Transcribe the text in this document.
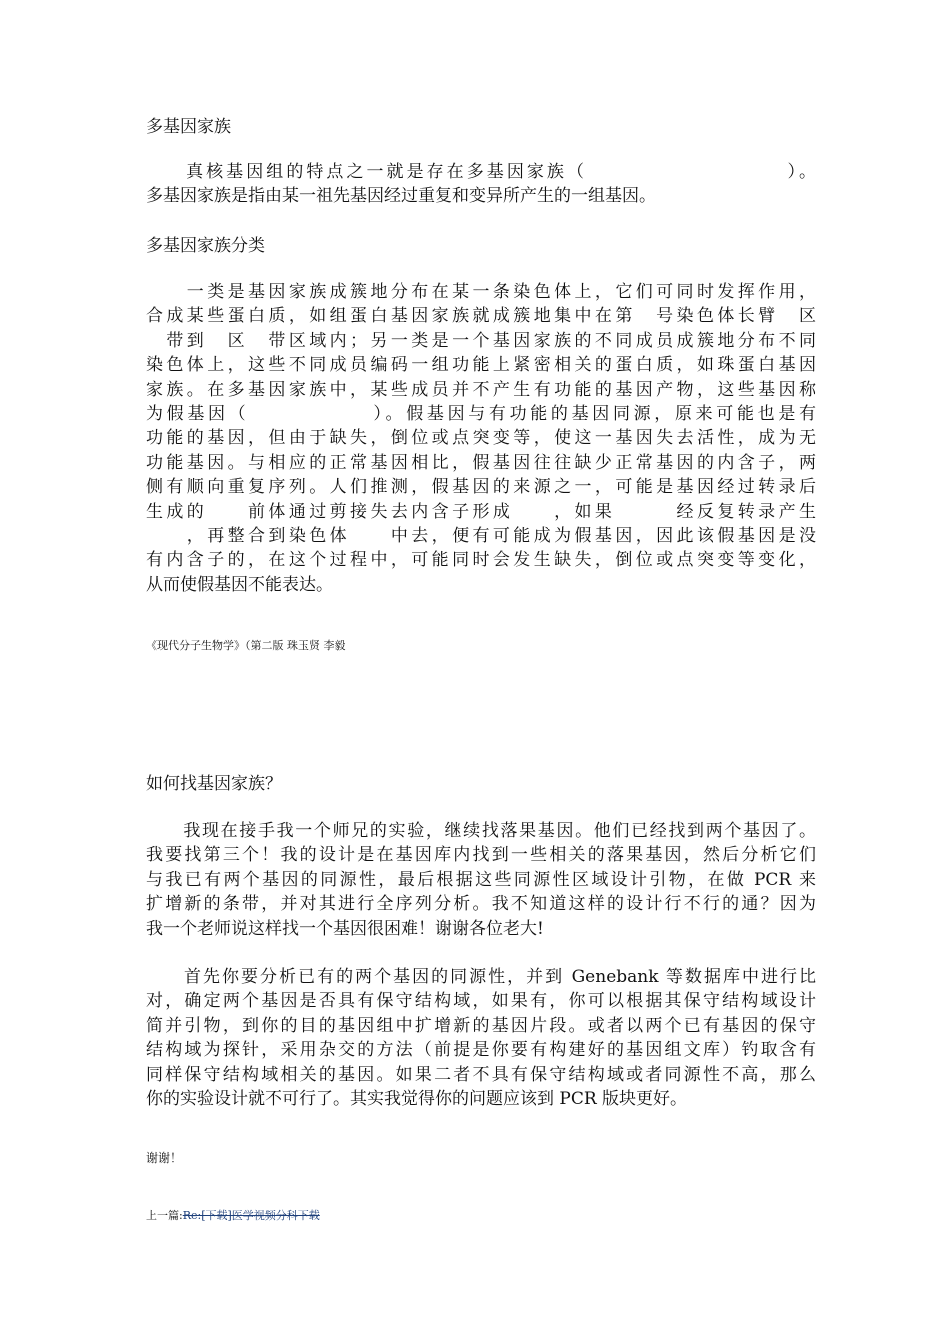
多基因家族
　　真核基因组的特点之一就是存在多基因家族（　　　　　　　　　　）。
多基因家族是指由某一祖先基因经过重复和变异所产生的一组基因。
多基因家族分类
　　一类是基因家族成簇地分布在某一条染色体上，它们可同时发挥作用，
合成某些蛋白质，如组蛋白基因家族就成簇地集中在第　号染色体长臂　区
　带到　区　带区域内；另一类是一个基因家族的不同成员成簇地分布不同
染色体上，这些不同成员编码一组功能上紧密相关的蛋白质，如珠蛋白基因
家族。在多基因家族中，某些成员并不产生有功能的基因产物，这些基因称
为假基因（　　　　　　）。假基因与有功能的基因同源，原来可能也是有
功能的基因，但由于缺失，倒位或点突变等，使这一基因失去活性，成为无
功能基因。与相应的正常基因相比，假基因往往缺少正常基因的内含子，两
侧有顺向重复序列。人们推测，假基因的来源之一，可能是基因经过转录后
生成的　　前体通过剪接失去内含子形成　　，如果　　　经反复转录产生
　　，再整合到染色体　　中去，便有可能成为假基因，因此该假基因是没
有内含子的，在这个过程中，可能同时会发生缺失，倒位或点突变等变化，
从而使假基因不能表达。
《现代分子生物学》（第二版 珠玉贤 李毅
如何找基因家族？
　　我现在接手我一个师兄的实验，继续找落果基因。他们已经找到两个基因了。
我要找第三个！我的设计是在基因库内找到一些相关的落果基因，然后分析它们
与我已有两个基因的同源性，最后根据这些同源性区域设计引物，在做 PCR 来
扩增新的条带，并对其进行全序列分析。我不知道这样的设计行不行的通？因为
我一个老师说这样找一个基因很困难！谢谢各位老大!
　　首先你要分析已有的两个基因的同源性，并到 Genebank 等数据库中进行比
对，确定两个基因是否具有保守结构域，如果有，你可以根据其保守结构域设计
简并引物，到你的目的基因组中扩增新的基因片段。或者以两个已有基因的保守
结构域为探针，采用杂交的方法（前提是你要有构建好的基因组文库）钓取含有
同样保守结构域相关的基因。如果二者不具有保守结构域或者同源性不高，那么
你的实验设计就不可行了。其实我觉得你的问题应该到 PCR 版块更好。
谢谢！
上一篇:Re:[下载]医学视频分科下载
